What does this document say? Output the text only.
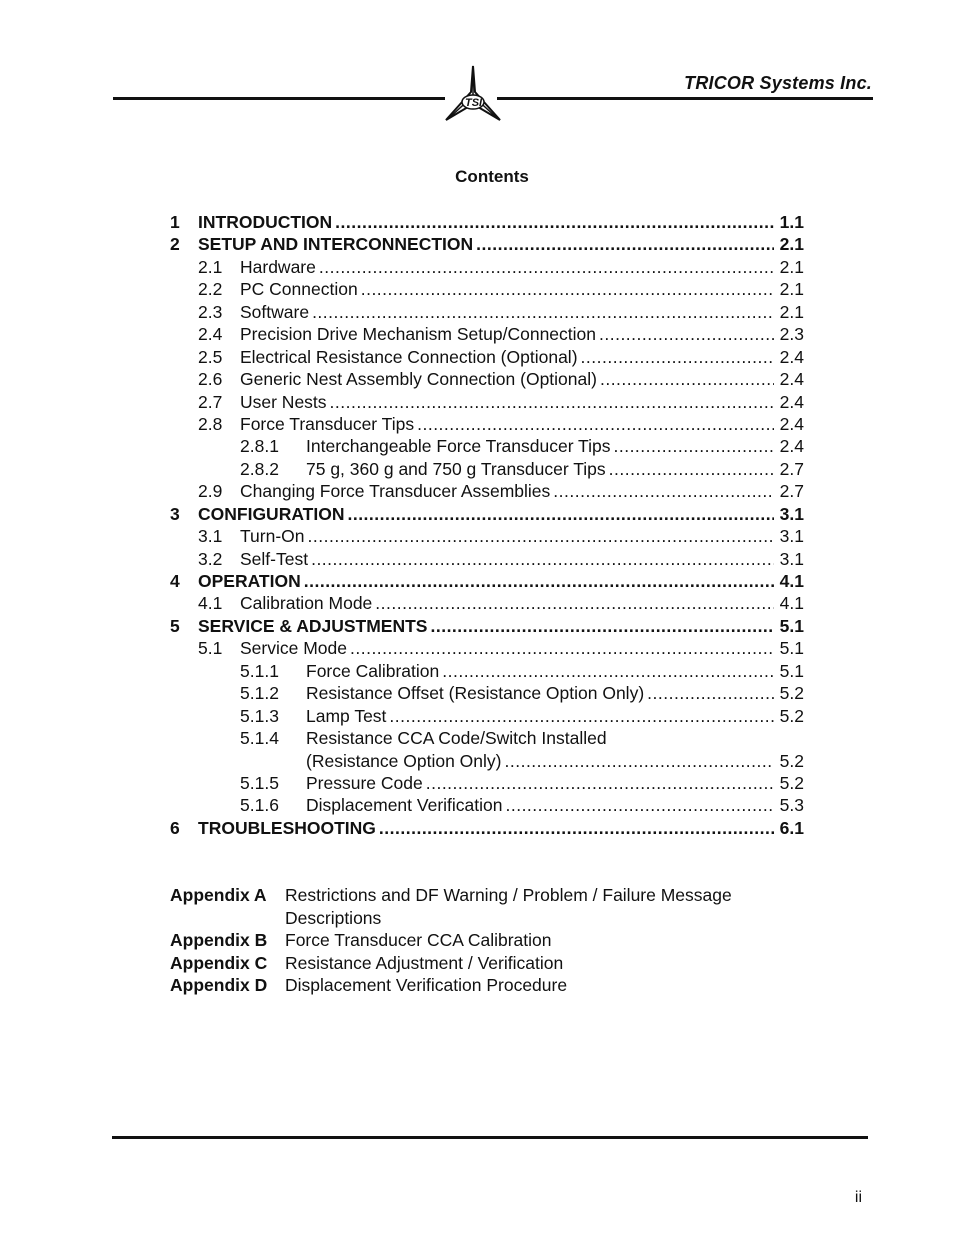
TSI
TRICOR Systems Inc.
Contents
1	INTRODUCTION .....	1.1
2	SETUP AND INTERCONNECTION .....	2.1
2.1	Hardware .....	2.1
2.2	PC Connection .....	2.1
2.3	Software .....	2.1
2.4	Precision Drive Mechanism Setup/Connection .....	2.3
2.5	Electrical Resistance Connection (Optional) .....	2.4
2.6	Generic Nest Assembly Connection (Optional) .....	2.4
2.7	User Nests .....	2.4
2.8	Force Transducer Tips .....	2.4
2.8.1	Interchangeable Force Transducer Tips .....	2.4
2.8.2	75 g, 360 g and 750 g Transducer Tips .....	2.7
2.9	Changing Force Transducer Assemblies .....	2.7
3	CONFIGURATION .....	3.1
3.1	Turn-On .....	3.1
3.2	Self-Test .....	3.1
4	OPERATION .....	4.1
4.1	Calibration Mode .....	4.1
5	SERVICE & ADJUSTMENTS .....	5.1
5.1	Service Mode .....	5.1
5.1.1	Force Calibration .....	5.1
5.1.2	Resistance Offset (Resistance Option Only) .....	5.2
5.1.3	Lamp Test .....	5.2
5.1.4	Resistance CCA Code/Switch Installed
(Resistance Option Only) .....	5.2
5.1.5	Pressure Code .....	5.2
5.1.6	Displacement Verification .....	5.3
6	TROUBLESHOOTING .....	6.1
Appendix A	Restrictions and DF Warning / Problem / Failure Message Descriptions
Appendix B	Force Transducer CCA Calibration
Appendix C	Resistance Adjustment / Verification
Appendix D	Displacement Verification Procedure
ii
